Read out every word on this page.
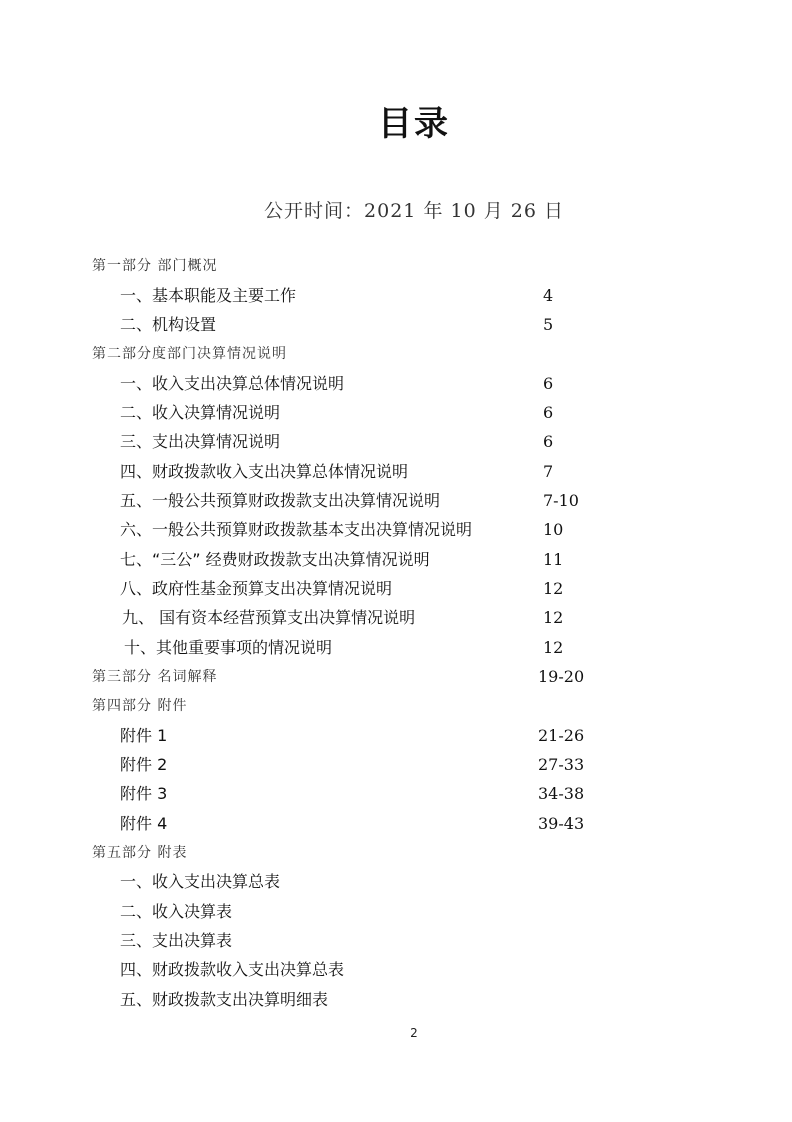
目录
公开时间：2021 年 10 月 26 日
第一部分 部门概况
一、基本职能及主要工作	4
二、机构设置	5
第二部分度部门决算情况说明
一、收入支出决算总体情况说明	6
二、收入决算情况说明	6
三、支出决算情况说明	6
四、财政拨款收入支出决算总体情况说明	7
五、一般公共预算财政拨款支出决算情况说明	7-10
六、一般公共预算财政拨款基本支出决算情况说明	10
七、“三公” 经费财政拨款支出决算情况说明	11
八、政府性基金预算支出决算情况说明	12
九、 国有资本经营预算支出决算情况说明	12
十、其他重要事项的情况说明	12
第三部分 名词解释	19-20
第四部分 附件
附件 1	21-26
附件 2	27-33
附件 3	34-38
附件 4	39-43
第五部分 附表
一、收入支出决算总表
二、收入决算表
三、支出决算表
四、财政拨款收入支出决算总表
五、财政拨款支出决算明细表
2
